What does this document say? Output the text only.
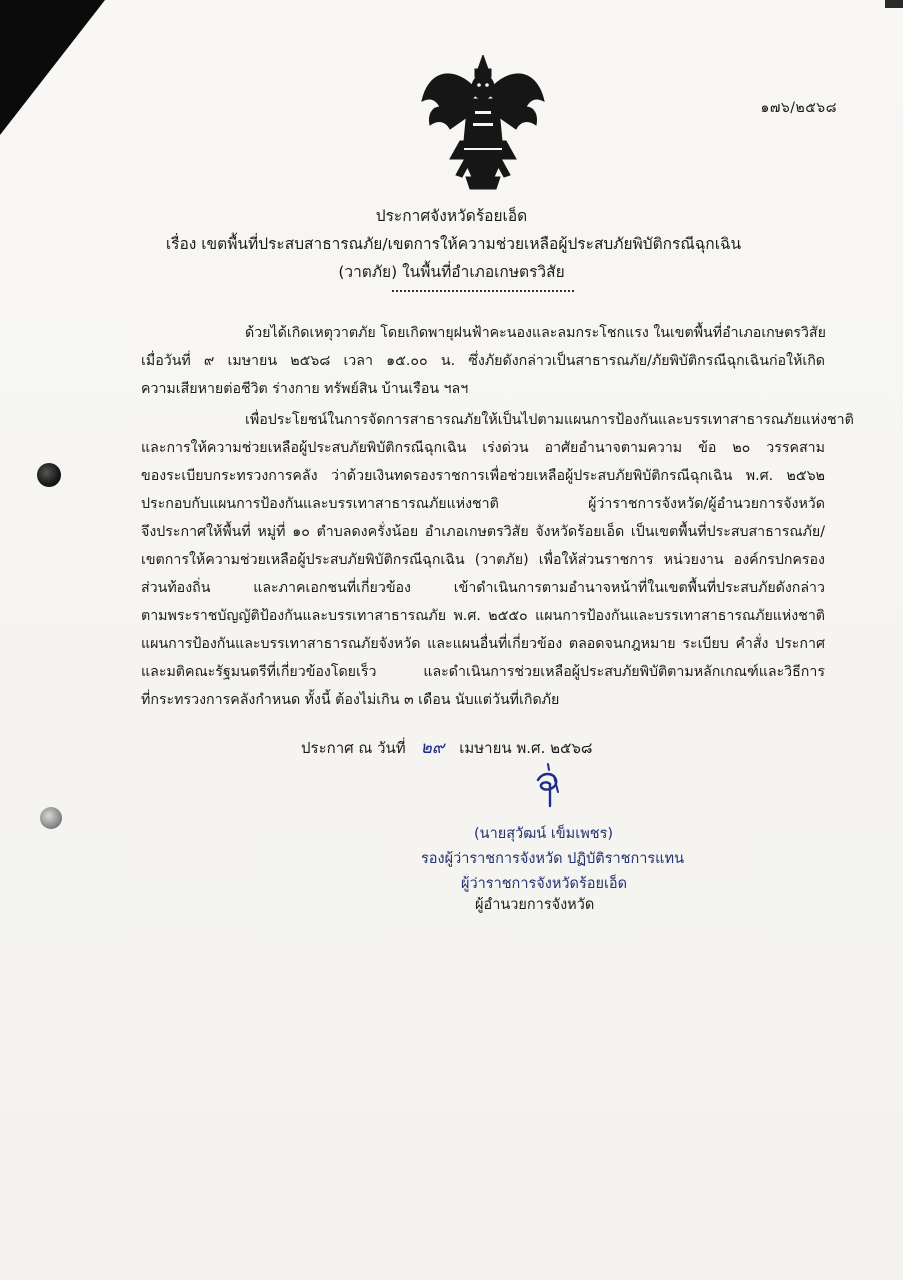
๑๗๖/๒๕๖๘
ประกาศจังหวัดร้อยเอ็ด
เรื่อง เขตพื้นที่ประสบสาธารณภัย/เขตการให้ความช่วยเหลือผู้ประสบภัยพิบัติกรณีฉุกเฉิน
(วาตภัย) ในพื้นที่อำเภอเกษตรวิสัย
ด้วยได้เกิดเหตุวาตภัย โดยเกิดพายุฝนฟ้าคะนองและลมกระโชกแรง ในเขตพื้นที่อำเภอเกษตรวิสัย
เมื่อวันที่ ๙ เมษายน ๒๕๖๘ เวลา ๑๕.๐๐ น. ซึ่งภัยดังกล่าวเป็นสาธารณภัย/ภัยพิบัติกรณีฉุกเฉินก่อให้เกิด
ความเสียหายต่อชีวิต ร่างกาย ทรัพย์สิน บ้านเรือน ฯลฯ
เพื่อประโยชน์ในการจัดการสาธารณภัยให้เป็นไปตามแผนการป้องกันและบรรเทาสาธารณภัยแห่งชาติ
และการให้ความช่วยเหลือผู้ประสบภัยพิบัติกรณีฉุกเฉิน เร่งด่วน อาศัยอำนาจตามความ ข้อ ๒๐ วรรคสาม
ของระเบียบกระทรวงการคลัง ว่าด้วยเงินทดรองราชการเพื่อช่วยเหลือผู้ประสบภัยพิบัติกรณีฉุกเฉิน พ.ศ. ๒๕๖๒
ประกอบกับแผนการป้องกันและบรรเทาสาธารณภัยแห่งชาติ ผู้ว่าราชการจังหวัด/ผู้อำนวยการจังหวัด
จึงประกาศให้พื้นที่ หมู่ที่ ๑๐ ตำบลดงครั่งน้อย อำเภอเกษตรวิสัย จังหวัดร้อยเอ็ด เป็นเขตพื้นที่ประสบสาธารณภัย/
เขตการให้ความช่วยเหลือผู้ประสบภัยพิบัติกรณีฉุกเฉิน (วาตภัย) เพื่อให้ส่วนราชการ หน่วยงาน องค์กรปกครอง
ส่วนท้องถิ่น และภาคเอกชนที่เกี่ยวข้อง เข้าดำเนินการตามอำนาจหน้าที่ในเขตพื้นที่ประสบภัยดังกล่าว
ตามพระราชบัญญัติป้องกันและบรรเทาสาธารณภัย พ.ศ. ๒๕๕๐ แผนการป้องกันและบรรเทาสาธารณภัยแห่งชาติ
แผนการป้องกันและบรรเทาสาธารณภัยจังหวัด และแผนอื่นที่เกี่ยวข้อง ตลอดจนกฎหมาย ระเบียบ คำสั่ง ประกาศ
และมติคณะรัฐมนตรีที่เกี่ยวข้องโดยเร็ว และดำเนินการช่วยเหลือผู้ประสบภัยพิบัติตามหลักเกณฑ์และวิธีการ
ที่กระทรวงการคลังกำหนด ทั้งนี้ ต้องไม่เกิน ๓ เดือน นับแต่วันที่เกิดภัย
ประกาศ ณ วันที่ ๒๙ เมษายน พ.ศ. ๒๕๖๘
(นายสุวัฒน์ เข็มเพชร)
รองผู้ว่าราชการจังหวัด ปฏิบัติราชการแทน
ผู้ว่าราชการจังหวัดร้อยเอ็ด
ผู้อำนวยการจังหวัด
